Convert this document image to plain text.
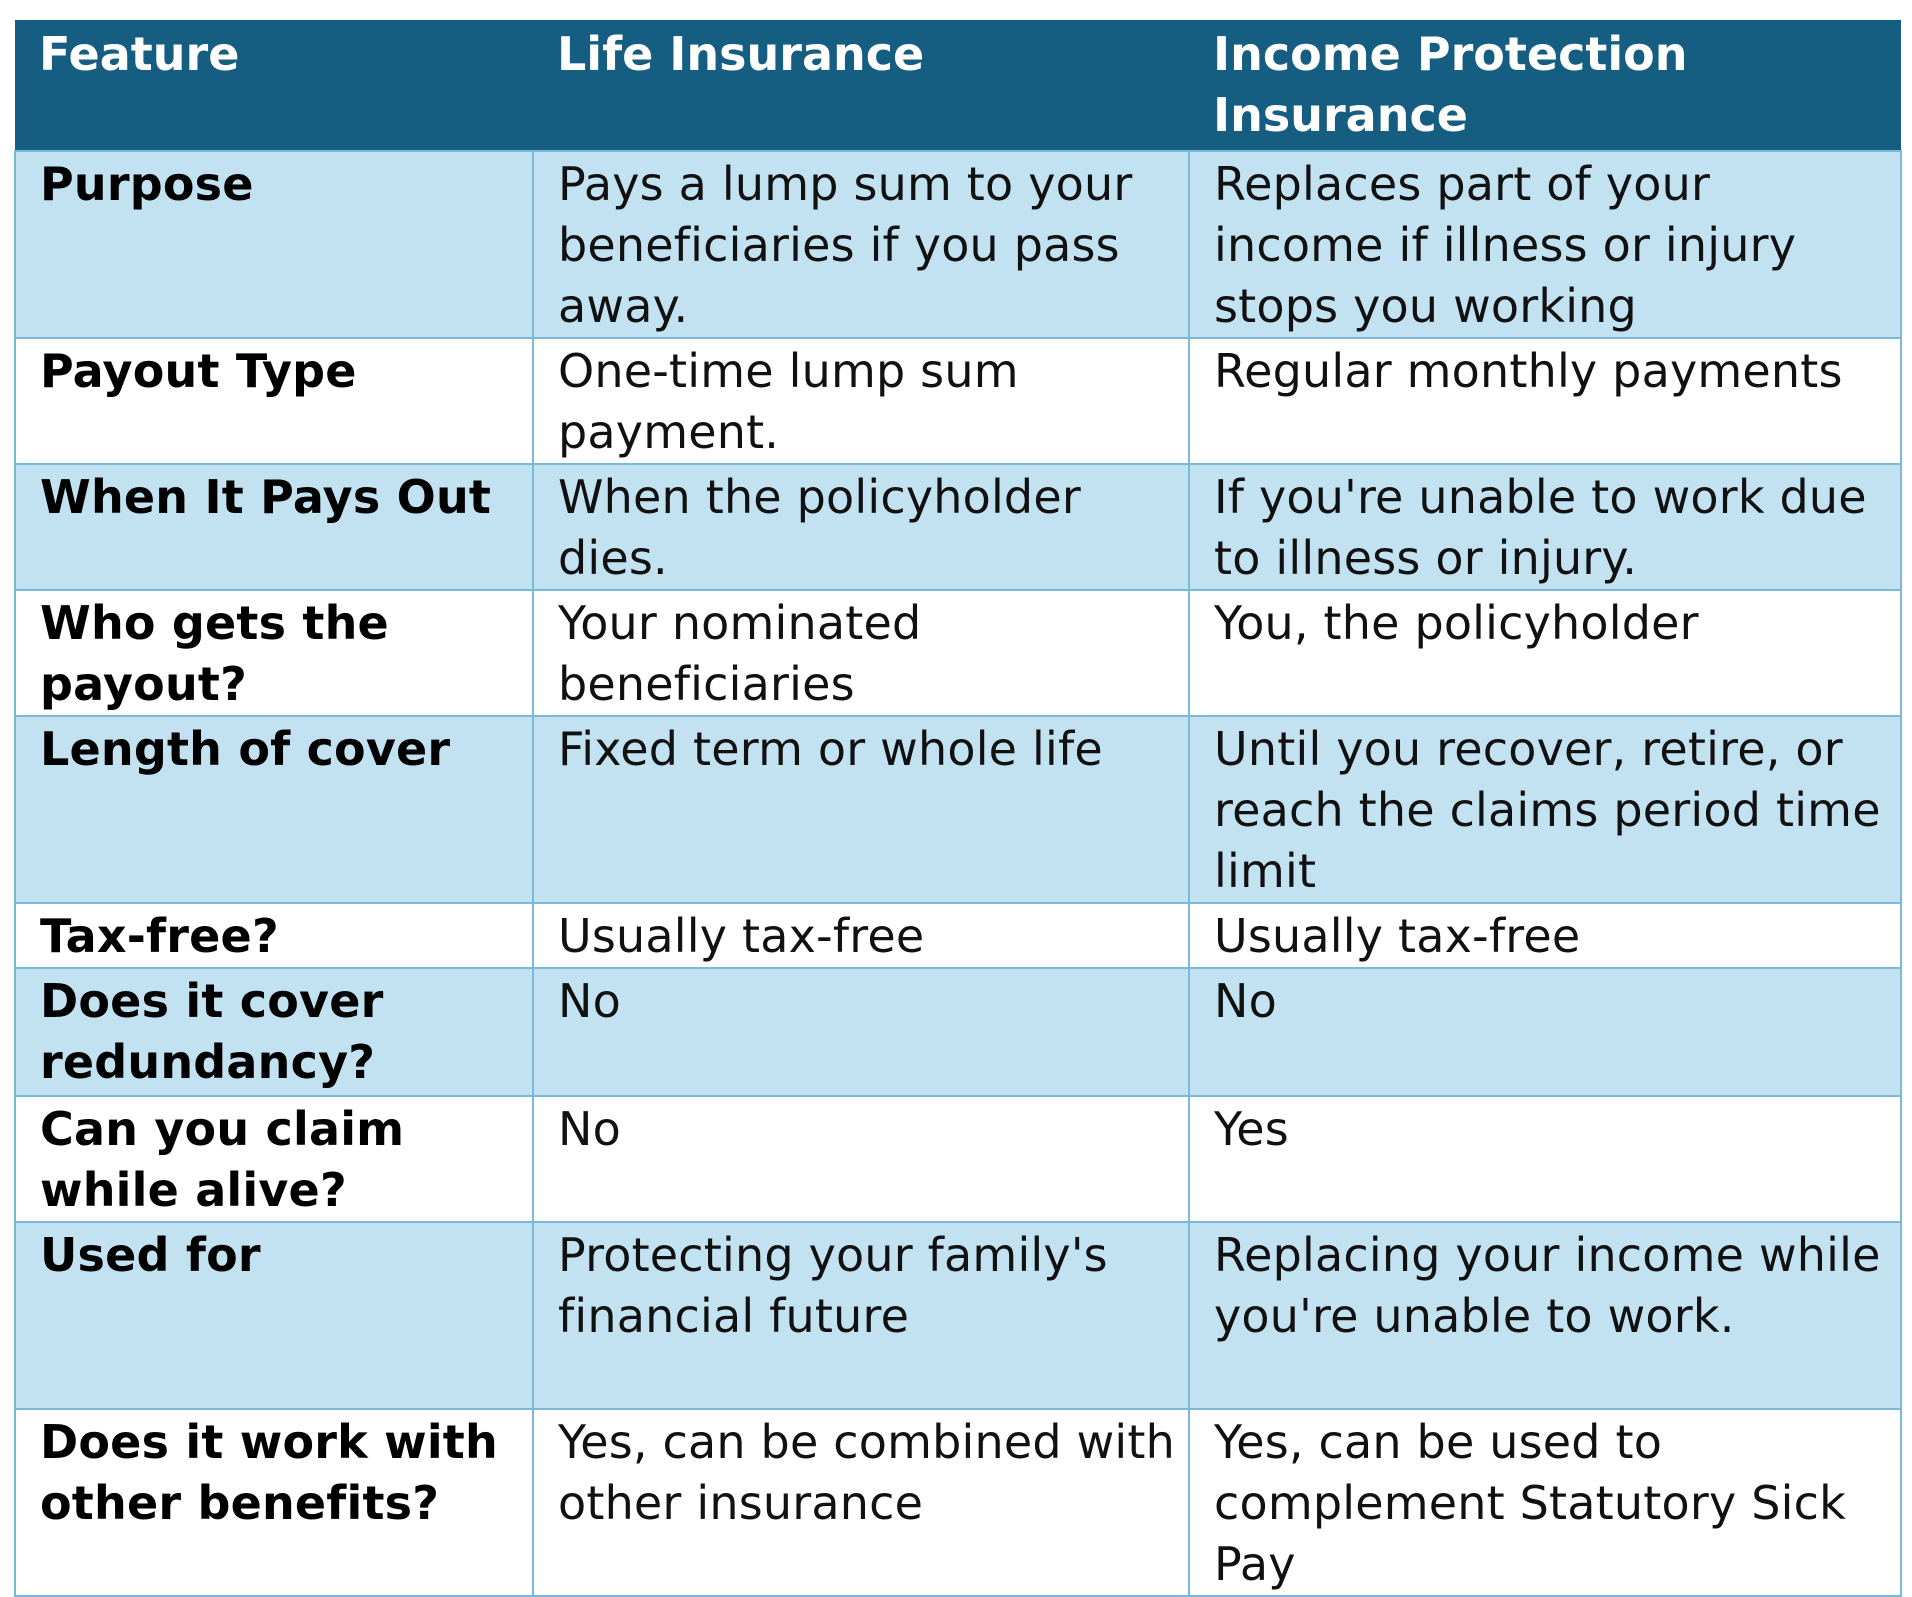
Feature	Life Insurance	Income Protection Insurance
Purpose	Pays a lump sum to your beneficiaries if you pass away.	Replaces part of your income if illness or injury stops you working
Payout Type	One-time lump sum payment.	Regular monthly payments
When It Pays Out	When the policyholder dies.	If you're unable to work due to illness or injury.
Who gets the payout?	Your nominated beneficiaries	You, the policyholder
Length of cover	Fixed term or whole life	Until you recover, retire, or reach the claims period time limit
Tax-free?	Usually tax-free	Usually tax-free
Does it cover redundancy?	No	No
Can you claim while alive?	No	Yes
Used for	Protecting your family's financial future	Replacing your income while you're unable to work.
Does it work with other benefits?	Yes, can be combined with other insurance	Yes, can be used to complement Statutory Sick Pay
